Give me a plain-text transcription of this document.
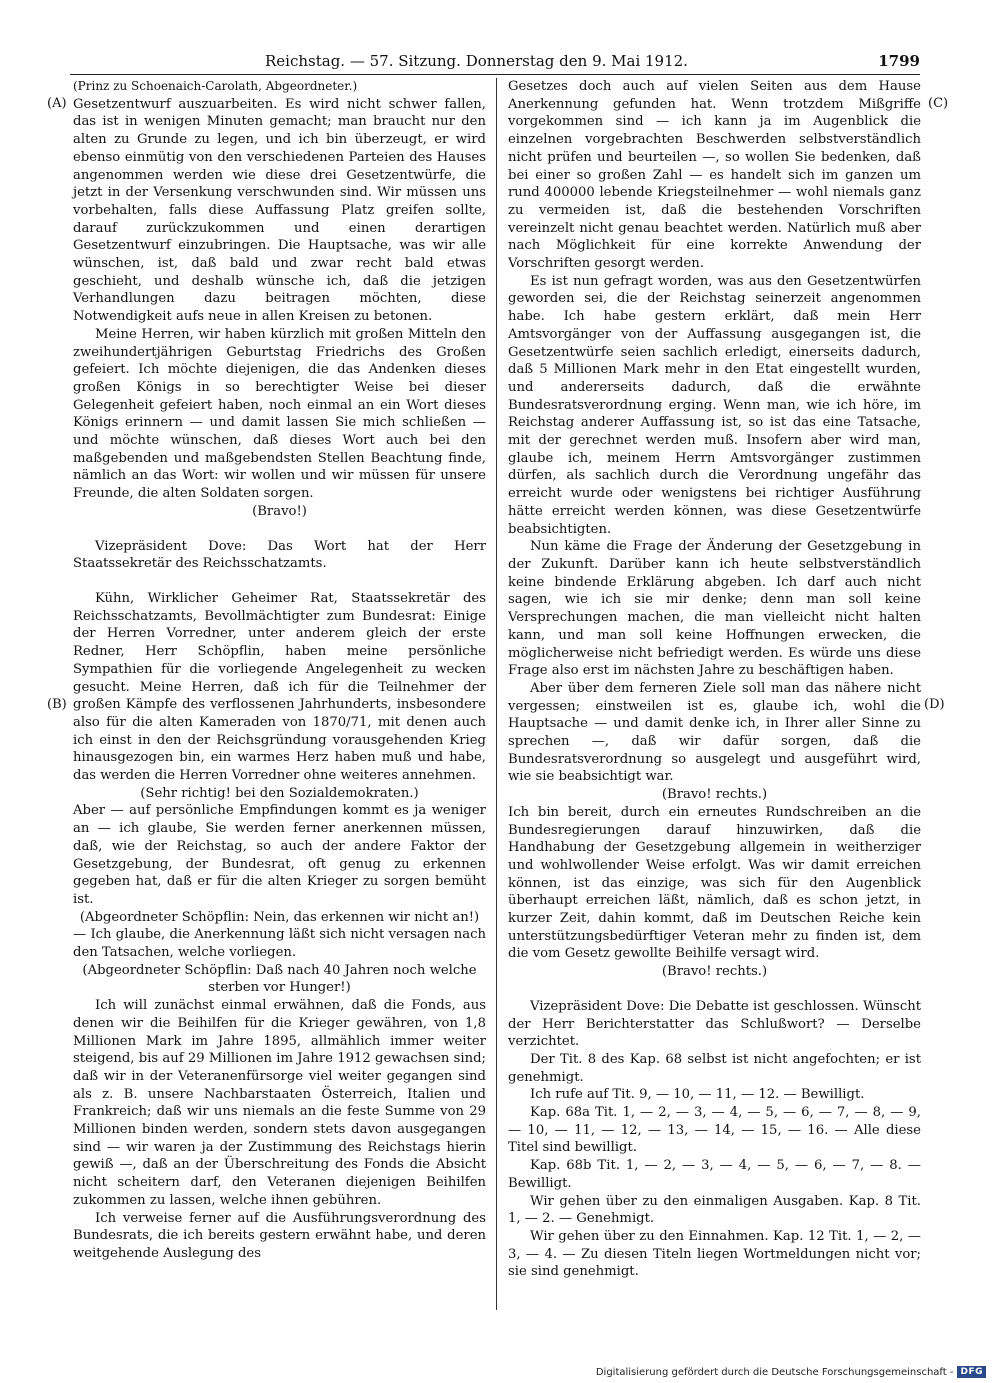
Reichstag. — 57. Sitzung. Donnerstag den 9. Mai 1912.	1799
(A)
(B)
(C)
(D)

(Prinz zu Schoenaich-Carolath, Abgeordneter.)

Gesetzentwurf auszuarbeiten. Es wird nicht schwer fallen, das ist in wenigen Minuten gemacht; man braucht nur den alten zu Grunde zu legen, und ich bin überzeugt, er wird ebenso einmütig von den verschiedenen Parteien des Hauses angenommen werden wie diese drei Gesetzentwürfe, die jetzt in der Versenkung verschwunden sind. Wir müssen uns vorbehalten, falls diese Auffassung Platz greifen sollte, darauf zurückzukommen und einen derartigen Gesetzentwurf einzubringen. Die Hauptsache, was wir alle wünschen, ist, daß bald und zwar recht bald etwas geschieht, und deshalb wünsche ich, daß die jetzigen Verhandlungen dazu beitragen möchten, diese Notwendigkeit aufs neue in allen Kreisen zu betonen.

Meine Herren, wir haben kürzlich mit großen Mitteln den zweihundertjährigen Geburtstag Friedrichs des Großen gefeiert. Ich möchte diejenigen, die das Andenken dieses großen Königs in so berechtigter Weise bei dieser Gelegenheit gefeiert haben, noch einmal an ein Wort dieses Königs erinnern — und damit lassen Sie mich schließen — und möchte wünschen, daß dieses Wort auch bei den maßgebenden und maßgebendsten Stellen Beachtung finde, nämlich an das Wort: wir wollen und wir müssen für unsere Freunde, die alten Soldaten sorgen.

(Bravo!)

Vizepräsident Dove: Das Wort hat der Herr Staatssekretär des Reichsschatzamts.

Kühn, Wirklicher Geheimer Rat, Staatssekretär des Reichsschatzamts, Bevollmächtigter zum Bundesrat: Einige der Herren Vorredner, unter anderem gleich der erste Redner, Herr Schöpflin, haben meine persönliche Sympathien für die vorliegende Angelegenheit zu wecken gesucht. Meine Herren, daß ich für die Teilnehmer der großen Kämpfe des verflossenen Jahrhunderts, insbesondere also für die alten Kameraden von 1870/71, mit denen auch ich einst in den der Reichsgründung vorausgehenden Krieg hinausgezogen bin, ein warmes Herz haben muß und habe, das werden die Herren Vorredner ohne weiteres annehmen.

(Sehr richtig! bei den Sozialdemokraten.)

Aber — auf persönliche Empfindungen kommt es ja weniger an — ich glaube, Sie werden ferner anerkennen müssen, daß, wie der Reichstag, so auch der andere Faktor der Gesetzgebung, der Bundesrat, oft genug zu erkennen gegeben hat, daß er für die alten Krieger zu sorgen bemüht ist.

(Abgeordneter Schöpflin: Nein, das erkennen wir nicht an!)

— Ich glaube, die Anerkennung läßt sich nicht versagen nach den Tatsachen, welche vorliegen.

(Abgeordneter Schöpflin: Daß nach 40 Jahren noch welche sterben vor Hunger!)

Ich will zunächst einmal erwähnen, daß die Fonds, aus denen wir die Beihilfen für die Krieger gewähren, von 1,8 Millionen Mark im Jahre 1895, allmählich immer weiter steigend, bis auf 29 Millionen im Jahre 1912 gewachsen sind; daß wir in der Veteranenfürsorge viel weiter gegangen sind als z. B. unsere Nachbarstaaten Österreich, Italien und Frankreich; daß wir uns niemals an die feste Summe von 29 Millionen binden werden, sondern stets davon ausgegangen sind — wir waren ja der Zustimmung des Reichstags hierin gewiß —, daß an der Überschreitung des Fonds die Absicht nicht scheitern darf, den Veteranen diejenigen Beihilfen zukommen zu lassen, welche ihnen gebühren.

Ich verweise ferner auf die Ausführungsverordnung des Bundesrats, die ich bereits gestern erwähnt habe, und deren weitgehende Auslegung des

Gesetzes doch auch auf vielen Seiten aus dem Hause Anerkennung gefunden hat. Wenn trotzdem Mißgriffe vorgekommen sind — ich kann ja im Augenblick die einzelnen vorgebrachten Beschwerden selbstverständlich nicht prüfen und beurteilen —, so wollen Sie bedenken, daß bei einer so großen Zahl — es handelt sich im ganzen um rund 400000 lebende Kriegsteilnehmer — wohl niemals ganz zu vermeiden ist, daß die bestehenden Vorschriften vereinzelt nicht genau beachtet werden. Natürlich muß aber nach Möglichkeit für eine korrekte Anwendung der Vorschriften gesorgt werden.

Es ist nun gefragt worden, was aus den Gesetzentwürfen geworden sei, die der Reichstag seinerzeit angenommen habe. Ich habe gestern erklärt, daß mein Herr Amtsvorgänger von der Auffassung ausgegangen ist, die Gesetzentwürfe seien sachlich erledigt, einerseits dadurch, daß 5 Millionen Mark mehr in den Etat eingestellt wurden, und andererseits dadurch, daß die erwähnte Bundesratsverordnung erging. Wenn man, wie ich höre, im Reichstag anderer Auffassung ist, so ist das eine Tatsache, mit der gerechnet werden muß. Insofern aber wird man, glaube ich, meinem Herrn Amtsvorgänger zustimmen dürfen, als sachlich durch die Verordnung ungefähr das erreicht wurde oder wenigstens bei richtiger Ausführung hätte erreicht werden können, was diese Gesetzentwürfe beabsichtigten.

Nun käme die Frage der Änderung der Gesetzgebung in der Zukunft. Darüber kann ich heute selbstverständlich keine bindende Erklärung abgeben. Ich darf auch nicht sagen, wie ich sie mir denke; denn man soll keine Versprechungen machen, die man vielleicht nicht halten kann, und man soll keine Hoffnungen erwecken, die möglicherweise nicht befriedigt werden. Es würde uns diese Frage also erst im nächsten Jahre zu beschäftigen haben.

Aber über dem ferneren Ziele soll man das nähere nicht vergessen; einstweilen ist es, glaube ich, wohl die Hauptsache — und damit denke ich, in Ihrer aller Sinne zu sprechen —, daß wir dafür sorgen, daß die Bundesratsverordnung so ausgelegt und ausgeführt wird, wie sie beabsichtigt war.

(Bravo! rechts.)

Ich bin bereit, durch ein erneutes Rundschreiben an die Bundesregierungen darauf hinzuwirken, daß die Handhabung der Gesetzgebung allgemein in weitherziger und wohlwollender Weise erfolgt. Was wir damit erreichen können, ist das einzige, was sich für den Augenblick überhaupt erreichen läßt, nämlich, daß es schon jetzt, in kurzer Zeit, dahin kommt, daß im Deutschen Reiche kein unterstützungsbedürftiger Veteran mehr zu finden ist, dem die vom Gesetz gewollte Beihilfe versagt wird.

(Bravo! rechts.)

Vizepräsident Dove: Die Debatte ist geschlossen. Wünscht der Herr Berichterstatter das Schlußwort? — Derselbe verzichtet.

Der Tit. 8 des Kap. 68 selbst ist nicht angefochten; er ist genehmigt.

Ich rufe auf Tit. 9, — 10, — 11, — 12. — Bewilligt.

Kap. 68a Tit. 1, — 2, — 3, — 4, — 5, — 6, — 7, — 8, — 9, — 10, — 11, — 12, — 13, — 14, — 15, — 16. — Alle diese Titel sind bewilligt.

Kap. 68b Tit. 1, — 2, — 3, — 4, — 5, — 6, — 7, — 8. — Bewilligt.

Wir gehen über zu den einmaligen Ausgaben. Kap. 8 Tit. 1, — 2. — Genehmigt.

Wir gehen über zu den Einnahmen. Kap. 12 Tit. 1, — 2, — 3, — 4. — Zu diesen Titeln liegen Wortmeldungen nicht vor; sie sind genehmigt.

Digitalisierung gefördert durch die Deutsche Forschungsgemeinschaft - DFG
